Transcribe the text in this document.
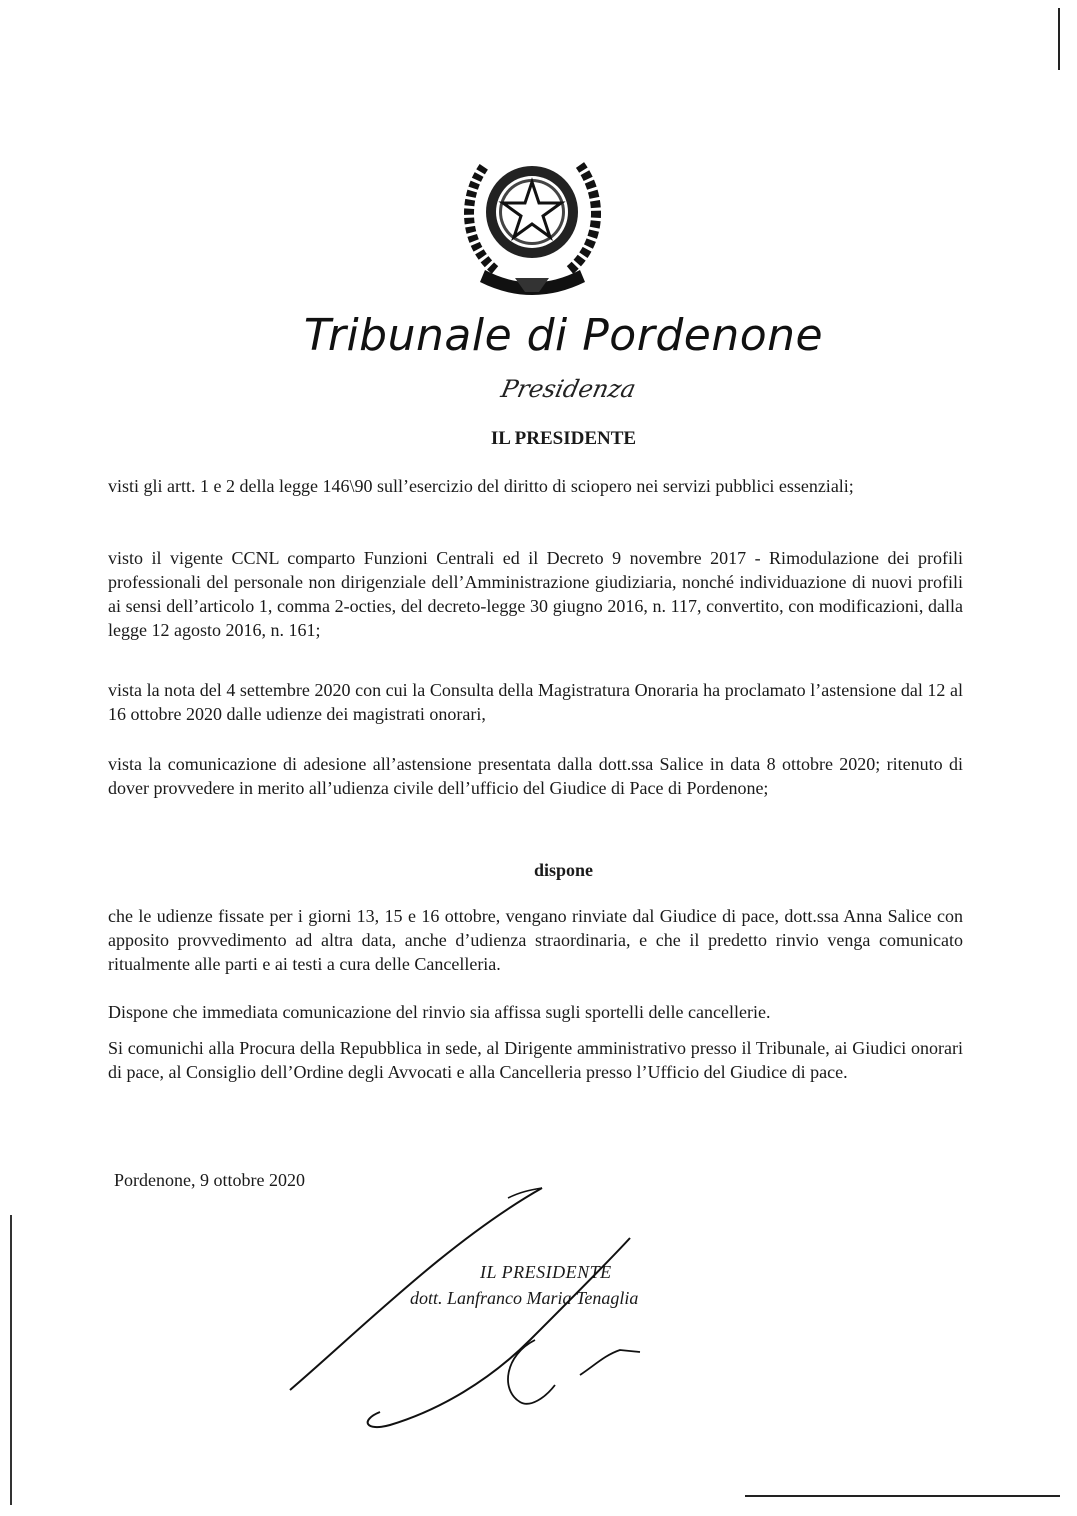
Tribunale di Pordenone
Presidenza
IL PRESIDENTE

visti gli artt. 1 e 2 della legge 146\90 sull’esercizio del diritto di sciopero nei servizi pubblici essenziali;

visto il vigente CCNL comparto Funzioni Centrali ed il Decreto 9 novembre 2017 - Rimodulazione dei profili professionali del personale non dirigenziale dell’Amministrazione giudiziaria, nonché individuazione di nuovi profili ai sensi dell’articolo 1, comma 2-octies, del decreto-legge 30 giugno 2016, n. 117, convertito, con modificazioni, dalla legge 12 agosto 2016, n. 161;

vista la nota del 4 settembre 2020 con cui la Consulta della Magistratura Onoraria ha proclamato l’astensione dal 12 al 16 ottobre 2020 dalle udienze dei magistrati onorari,

vista la comunicazione di adesione all’astensione presentata dalla dott.ssa Salice in data 8 ottobre 2020; ritenuto di dover provvedere in merito all’udienza civile dell’ufficio del Giudice di Pace di Pordenone;

dispone

che le udienze fissate per i giorni 13, 15 e 16 ottobre, vengano rinviate dal Giudice di pace, dott.ssa Anna Salice con apposito provvedimento ad altra data, anche d’udienza straordinaria, e che il predetto rinvio venga comunicato ritualmente alle parti e ai testi a cura delle Cancelleria.

Dispone che immediata comunicazione del rinvio sia affissa sugli sportelli delle cancellerie.

Si comunichi alla Procura della Repubblica in sede, al Dirigente amministrativo presso il Tribunale, ai Giudici onorari di pace, al Consiglio dell’Ordine degli Avvocati e alla Cancelleria presso l’Ufficio del Giudice di pace.

Pordenone, 9 ottobre 2020
IL PRESIDENTE
dott. Lanfranco Maria Tenaglia
